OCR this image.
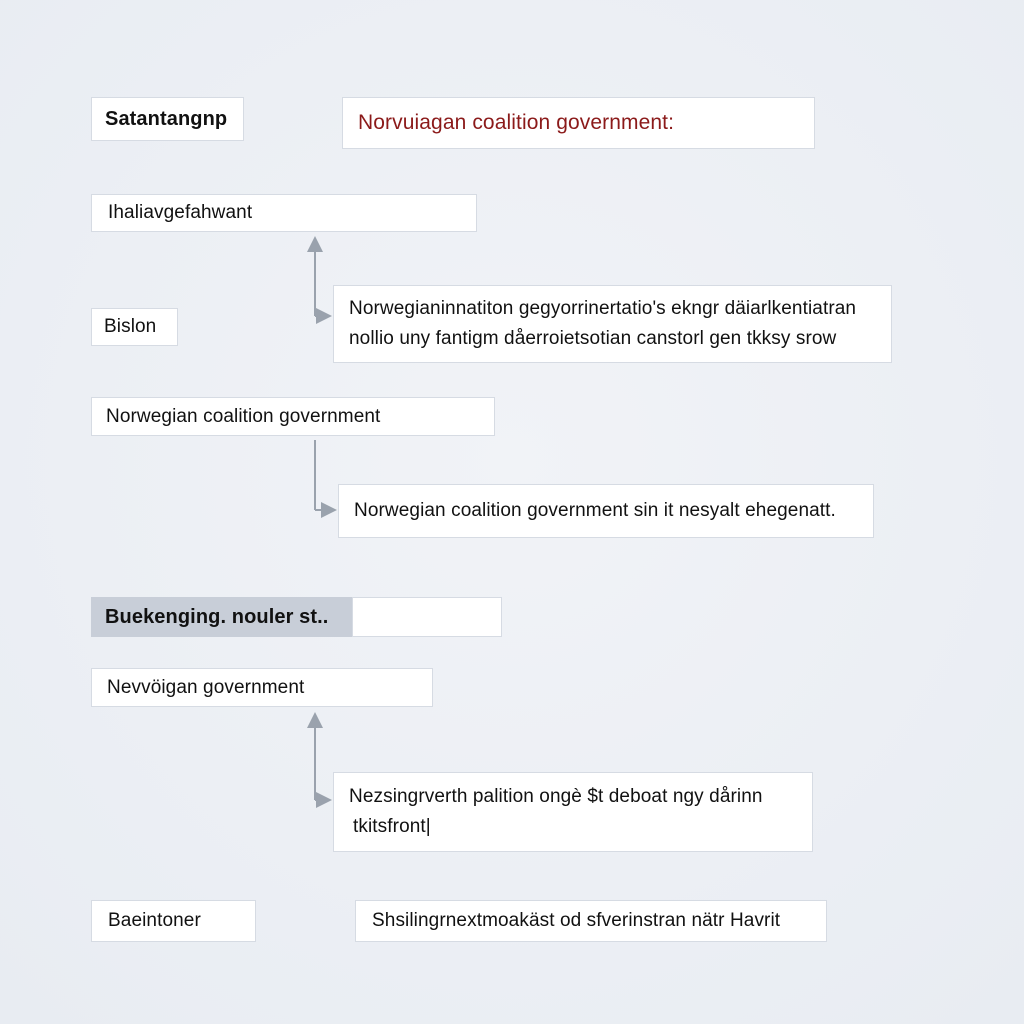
Satantangnp	Norvuiagan coalition government:
Ihaliavgefahwant
Bislon
Norwegianinnatiton gegyorrinertatio's ekngr däiarlkentiatran
nollio uny fantigm dåerroietsotian canstorl gen tkksy srow
Norwegian coalition government
Norwegian coalition government sin it nesyalt ehegenatt.
Buekenging. nouler st..
Nevvöigan government
Nezsingrverth palition ongè $t deboat ngy dårinn
tkitsfront|
Baeintoner	Shsilingrnextmoakäst od sfverinstran nätr Havrit
